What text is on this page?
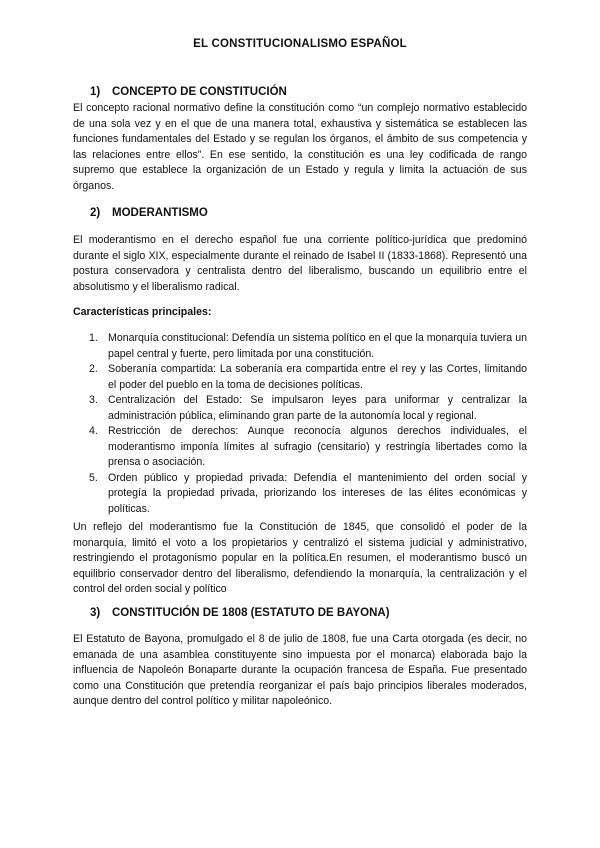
EL CONSTITUCIONALISMO ESPAÑOL
1) CONCEPTO DE CONSTITUCIÓN

El concepto racional normativo define la constitución como “un complejo normativo establecido de una sola vez y en el que de una manera total, exhaustiva y sistemática se establecen las funciones fundamentales del Estado y se regulan los órganos, el ámbito de sus competencia y las relaciones entre ellos”. En ese sentido, la constitución es una ley codificada de rango supremo que establece la organización de un Estado y regula y limita la actuación de sus órganos.

2) MODERANTISMO

El moderantismo en el derecho español fue una corriente político-jurídica que predominó durante el siglo XIX, especialmente durante el reinado de Isabel II (1833-1868). Representó una postura conservadora y centralista dentro del liberalismo, buscando un equilibrio entre el absolutismo y el liberalismo radical.

Características principales:
1. Monarquía constitucional: Defendía un sistema político en el que la monarquía tuviera un papel central y fuerte, pero limitada por una constitución.
2. Soberanía compartida: La soberanía era compartida entre el rey y las Cortes, limitando el poder del pueblo en la toma de decisiones políticas.
3. Centralización del Estado: Se impulsaron leyes para uniformar y centralizar la administración pública, eliminando gran parte de la autonomía local y regional.
4. Restricción de derechos: Aunque reconocía algunos derechos individuales, el moderantismo imponía límites al sufragio (censitario) y restringía libertades como la prensa o asociación.
5. Orden público y propiedad privada: Defendía el mantenimiento del orden social y protegía la propiedad privada, priorizando los intereses de las élites económicas y políticas.

Un reflejo del moderantismo fue la Constitución de 1845, que consolidó el poder de la monarquía, limitó el voto a los propietarios y centralizó el sistema judicial y administrativo, restringiendo el protagonismo popular en la política.En resumen, el moderantismo buscó un equilibrio conservador dentro del liberalismo, defendiendo la monarquía, la centralización y el control del orden social y político

3) CONSTITUCIÓN DE 1808 (ESTATUTO DE BAYONA)

El Estatuto de Bayona, promulgado el 8 de julio de 1808, fue una Carta otorgada (es decir, no emanada de una asamblea constituyente sino impuesta por el monarca) elaborada bajo la influencia de Napoleón Bonaparte durante la ocupación francesa de España. Fue presentado como una Constitución que pretendía reorganizar el país bajo principios liberales moderados, aunque dentro del control político y militar napoleónico.
